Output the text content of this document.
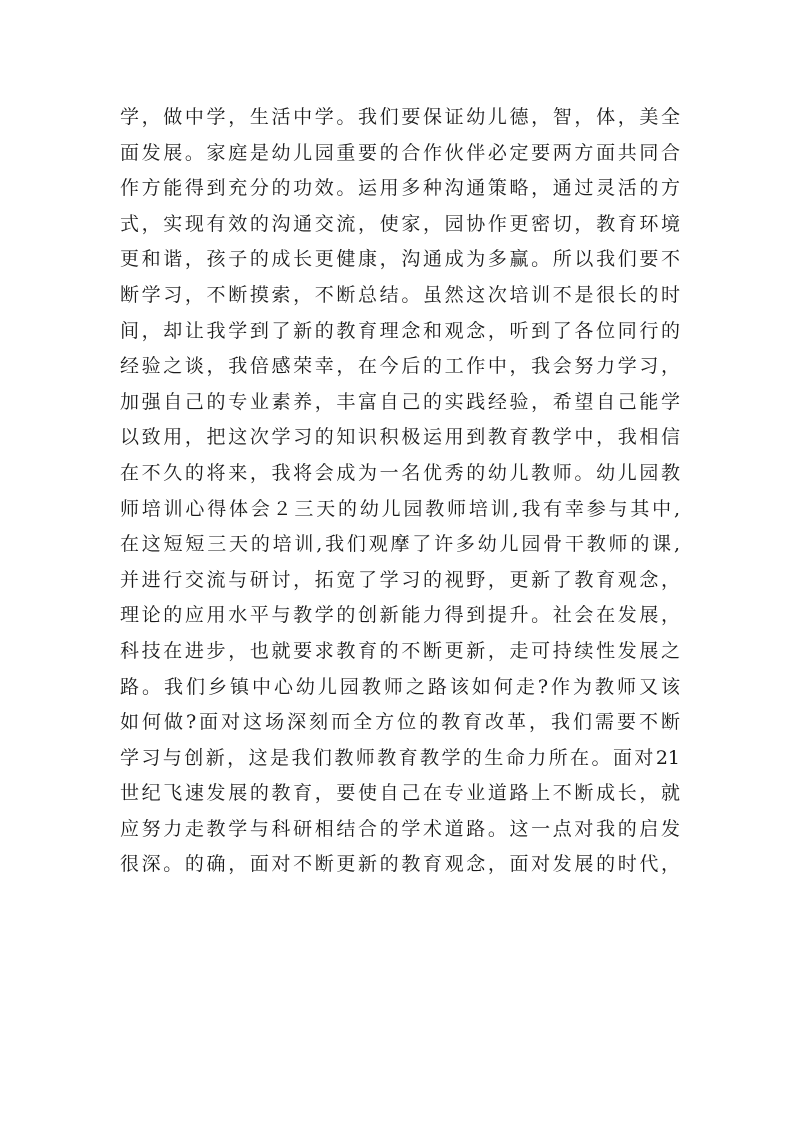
学，做中学，生活中学。我们要保证幼儿德，智，体，美全
面发展。家庭是幼儿园重要的合作伙伴必定要两方面共同合
作方能得到充分的功效。运用多种沟通策略，通过灵活的方
式，实现有效的沟通交流，使家，园协作更密切，教育环境
更和谐，孩子的成长更健康，沟通成为多赢。所以我们要不
断学习，不断摸索，不断总结。虽然这次培训不是很长的时
间，却让我学到了新的教育理念和观念，听到了各位同行的
经验之谈，我倍感荣幸，在今后的工作中，我会努力学习，
加强自己的专业素养，丰富自己的实践经验，希望自己能学
以致用，把这次学习的知识积极运用到教育教学中，我相信
在不久的将来，我将会成为一名优秀的幼儿教师。幼儿园教
师培训心得体会２三天的幼儿园教师培训,我有幸参与其中,
在这短短三天的培训,我们观摩了许多幼儿园骨干教师的课,
并进行交流与研讨，拓宽了学习的视野，更新了教育观念，
理论的应用水平与教学的创新能力得到提升。社会在发展，
科技在进步，也就要求教育的不断更新，走可持续性发展之
路。我们乡镇中心幼儿园教师之路该如何走?作为教师又该
如何做?面对这场深刻而全方位的教育改革，我们需要不断
学习与创新，这是我们教师教育教学的生命力所在。面对21
世纪飞速发展的教育，要使自己在专业道路上不断成长，就
应努力走教学与科研相结合的学术道路。这一点对我的启发
很深。的确，面对不断更新的教育观念，面对发展的时代，
